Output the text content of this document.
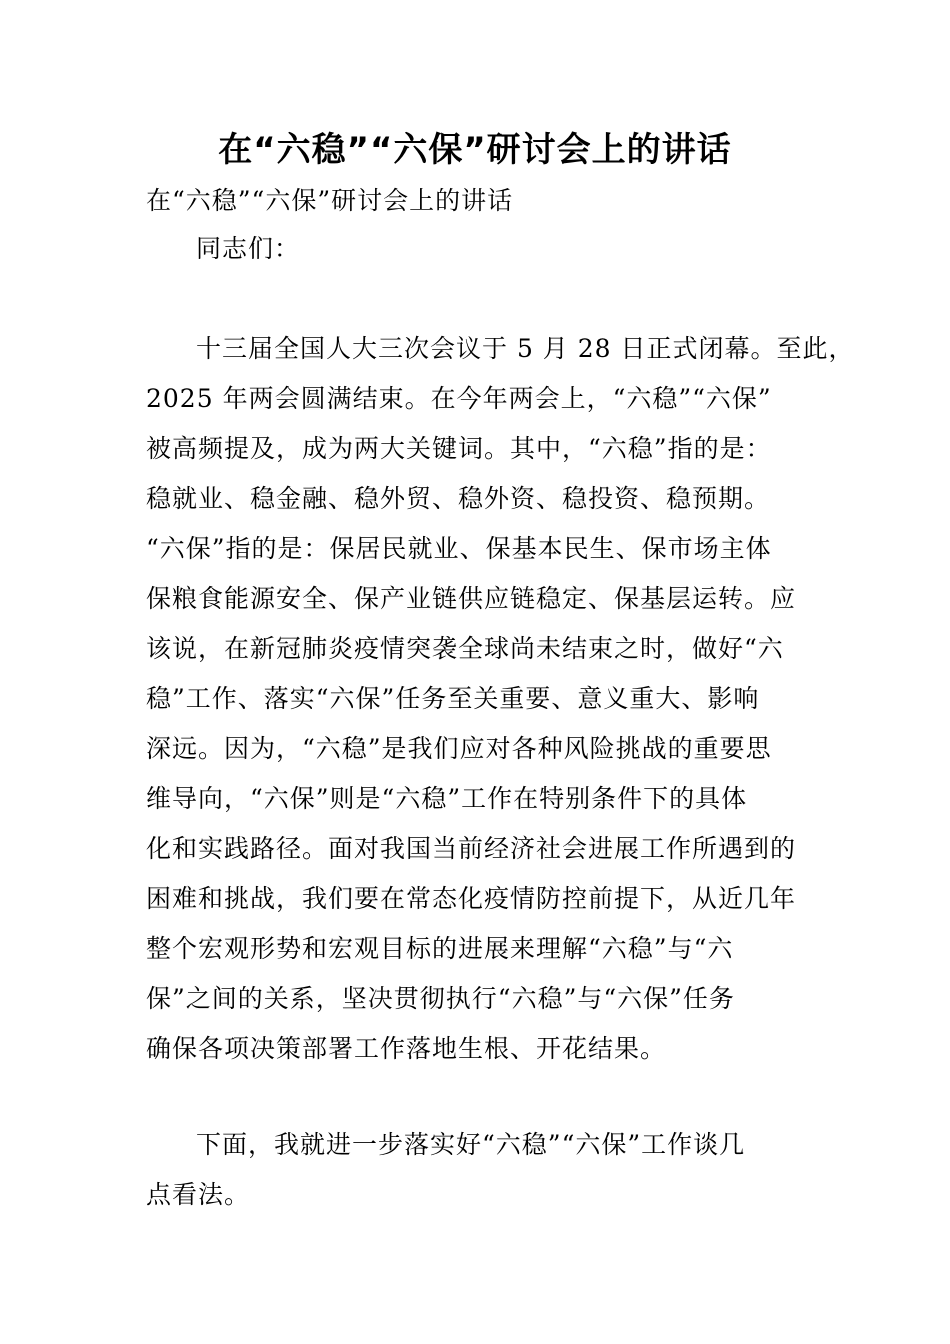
在“六稳”“六保”研讨会上的讲话
在“六稳”“六保”研讨会上的讲话
同志们：
十三届全国人大三次会议于 5 月 28 日正式闭幕。至此，
2025 年两会圆满结束。在今年两会上，“六稳”“六保”
被高频提及，成为两大关键词。其中，“六稳”指的是：
稳就业、稳金融、稳外贸、稳外资、稳投资、稳预期。
“六保”指的是：保居民就业、保基本民生、保市场主体
保粮食能源安全、保产业链供应链稳定、保基层运转。应
该说，在新冠肺炎疫情突袭全球尚未结束之时，做好“六
稳”工作、落实“六保”任务至关重要、意义重大、影响
深远。因为，“六稳”是我们应对各种风险挑战的重要思
维导向，“六保”则是“六稳”工作在特别条件下的具体
化和实践路径。面对我国当前经济社会进展工作所遇到的
困难和挑战，我们要在常态化疫情防控前提下，从近几年
整个宏观形势和宏观目标的进展来理解“六稳”与“六
保”之间的关系，坚决贯彻执行“六稳”与“六保”任务
确保各项决策部署工作落地生根、开花结果。
下面，我就进一步落实好“六稳”“六保”工作谈几
点看法。
